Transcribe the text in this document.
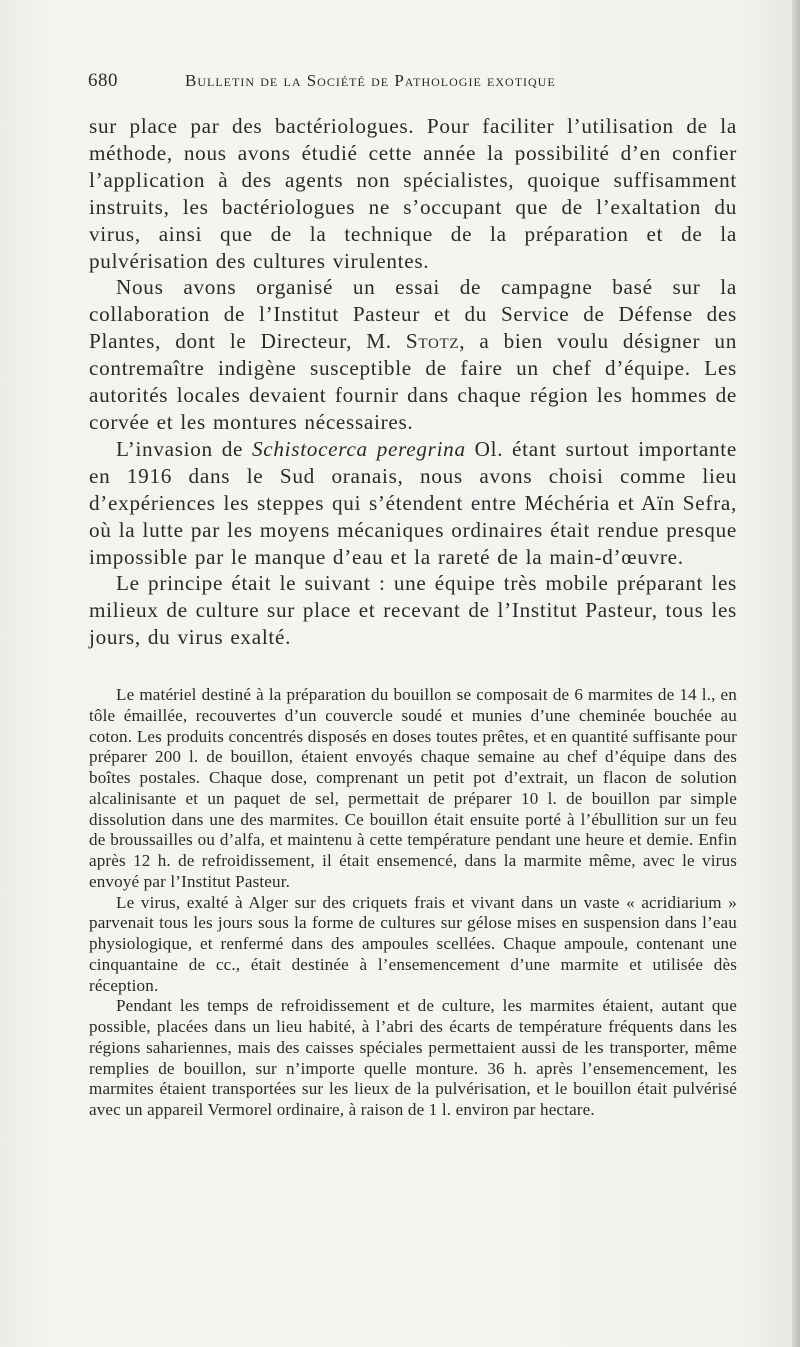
680	Bulletin de la Société de Pathologie exotique

sur place par des bactériologues. Pour faciliter l’utilisation de la méthode, nous avons étudié cette année la possibilité d’en confier l’application à des agents non spécialistes, quoique suffisamment instruits, les bactériologues ne s’occupant que de l’exaltation du virus, ainsi que de la technique de la préparation et de la pulvérisation des cultures virulentes.

Nous avons organisé un essai de campagne basé sur la collaboration de l’Institut Pasteur et du Service de Défense des Plantes, dont le Directeur, M. Stotz, a bien voulu désigner un contremaître indigène susceptible de faire un chef d’équipe. Les autorités locales devaient fournir dans chaque région les hommes de corvée et les montures nécessaires.

L’invasion de Schistocerca peregrina Ol. étant surtout importante en 1916 dans le Sud oranais, nous avons choisi comme lieu d’expériences les steppes qui s’étendent entre Méchéria et Aïn Sefra, où la lutte par les moyens mécaniques ordinaires était rendue presque impossible par le manque d’eau et la rareté de la main-d’œuvre.

Le principe était le suivant : une équipe très mobile préparant les milieux de culture sur place et recevant de l’Institut Pasteur, tous les jours, du virus exalté.

Le matériel destiné à la préparation du bouillon se composait de 6 marmites de 14 l., en tôle émaillée, recouvertes d’un couvercle soudé et munies d’une cheminée bouchée au coton. Les produits concentrés disposés en doses toutes prêtes, et en quantité suffisante pour préparer 200 l. de bouillon, étaient envoyés chaque semaine au chef d’équipe dans des boîtes postales. Chaque dose, comprenant un petit pot d’extrait, un flacon de solution alcalinisante et un paquet de sel, permettait de préparer 10 l. de bouillon par simple dissolution dans une des marmites. Ce bouillon était ensuite porté à l’ébullition sur un feu de broussailles ou d’alfa, et maintenu à cette température pendant une heure et demie. Enfin après 12 h. de refroidissement, il était ensemencé, dans la marmite même, avec le virus envoyé par l’Institut Pasteur.

Le virus, exalté à Alger sur des criquets frais et vivant dans un vaste « acridiarium » parvenait tous les jours sous la forme de cultures sur gélose mises en suspension dans l’eau physiologique, et renfermé dans des ampoules scellées. Chaque ampoule, contenant une cinquantaine de cc., était destinée à l’ensemencement d’une marmite et utilisée dès réception.

Pendant les temps de refroidissement et de culture, les marmites étaient, autant que possible, placées dans un lieu habité, à l’abri des écarts de température fréquents dans les régions sahariennes, mais des caisses spéciales permettaient aussi de les transporter, même remplies de bouillon, sur n’importe quelle monture. 36 h. après l’ensemencement, les marmites étaient transportées sur les lieux de la pulvérisation, et le bouillon était pulvérisé avec un appareil Vermorel ordinaire, à raison de 1 l. environ par hectare.
